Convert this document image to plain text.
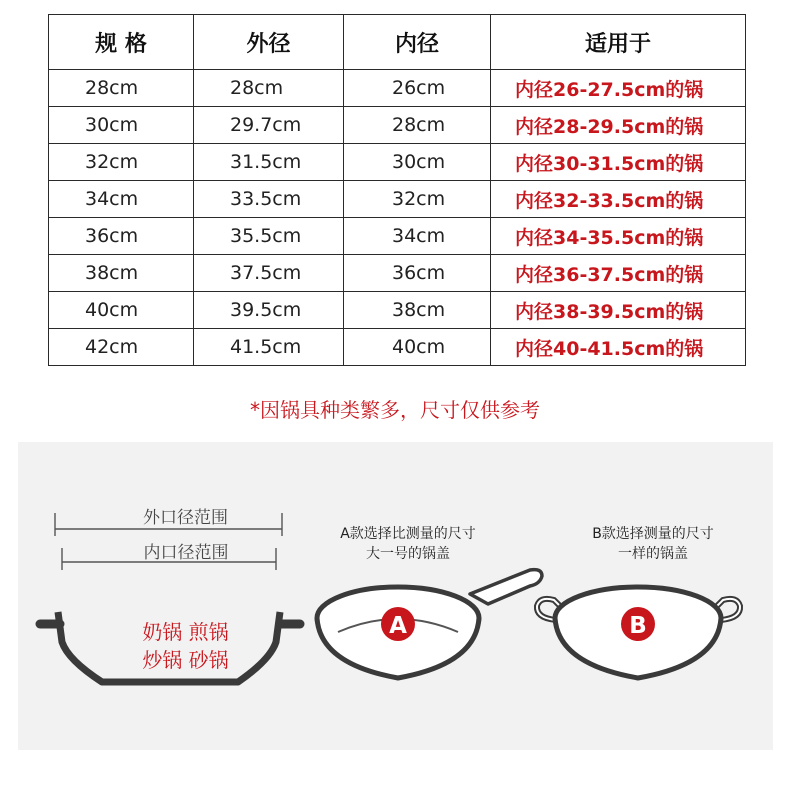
规 格	外径	内径	适用于
28cm	28cm	26cm	内径26-27.5cm的锅
30cm	29.7cm	28cm	内径28-29.5cm的锅
32cm	31.5cm	30cm	内径30-31.5cm的锅
34cm	33.5cm	32cm	内径32-33.5cm的锅
36cm	35.5cm	34cm	内径34-35.5cm的锅
38cm	37.5cm	36cm	内径36-37.5cm的锅
40cm	39.5cm	38cm	内径38-39.5cm的锅
42cm	41.5cm	40cm	内径40-41.5cm的锅
*因锅具种类繁多，尺寸仅供参考
A	B
外口径范围
内口径范围
奶锅 煎锅
炒锅 砂锅
A款选择比测量的尺寸
大一号的锅盖
B款选择测量的尺寸
一样的锅盖
